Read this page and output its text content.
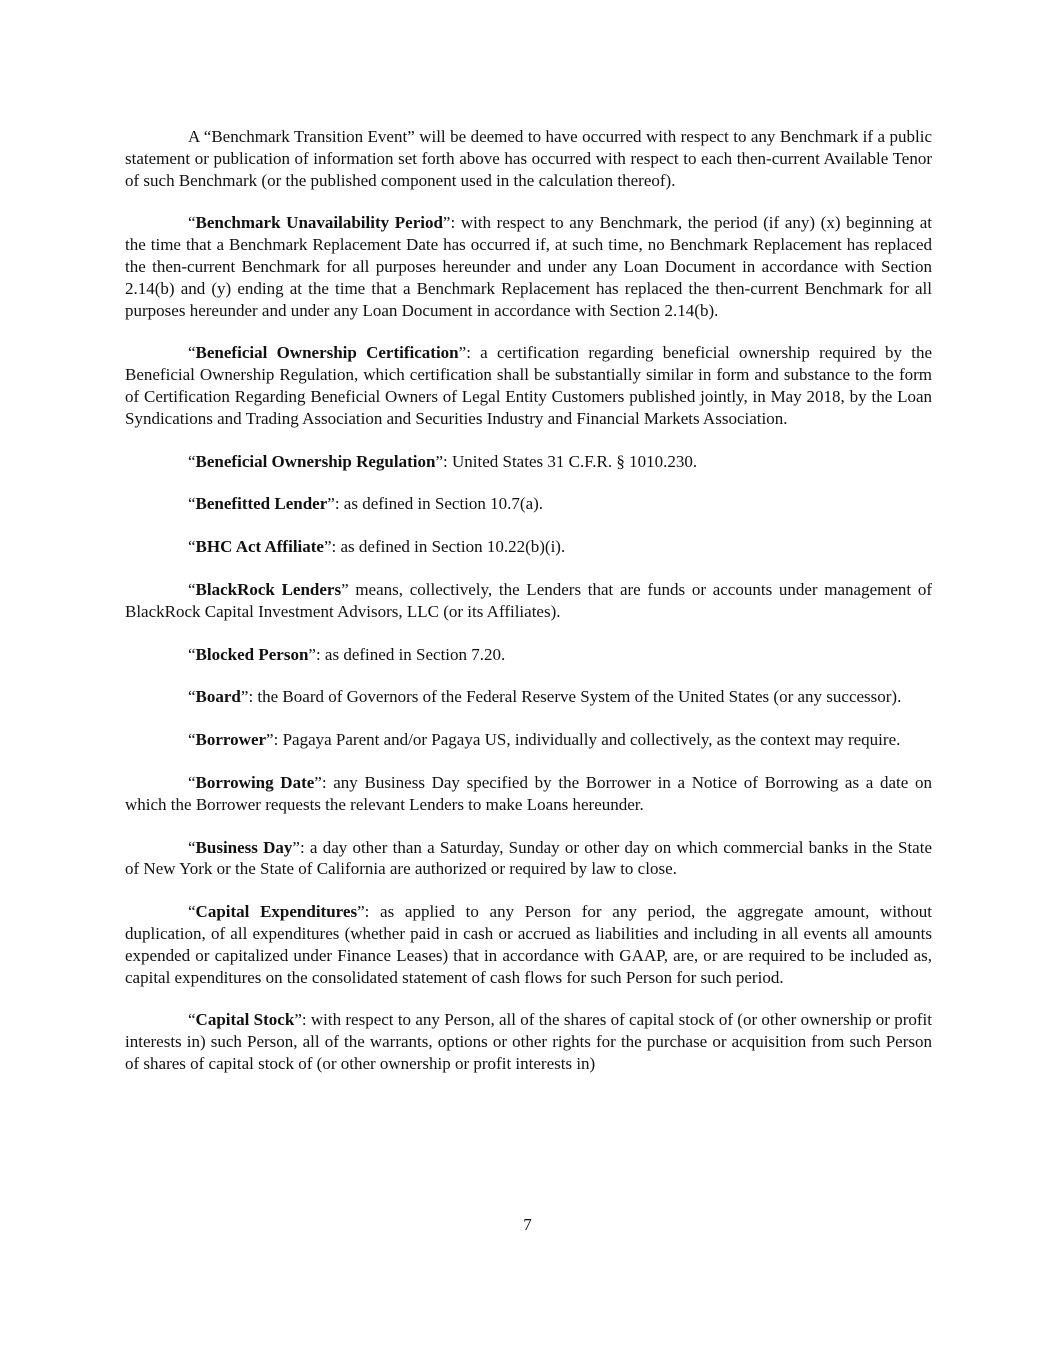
A “Benchmark Transition Event” will be deemed to have occurred with respect to any Benchmark if a public statement or publication of information set forth above has occurred with respect to each then-current Available Tenor of such Benchmark (or the published component used in the calculation thereof).

“Benchmark Unavailability Period”: with respect to any Benchmark, the period (if any) (x) beginning at the time that a Benchmark Replacement Date has occurred if, at such time, no Benchmark Replacement has replaced the then-current Benchmark for all purposes hereunder and under any Loan Document in accordance with Section 2.14(b) and (y) ending at the time that a Benchmark Replacement has replaced the then-current Benchmark for all purposes hereunder and under any Loan Document in accordance with Section 2.14(b).

“Beneficial Ownership Certification”: a certification regarding beneficial ownership required by the Beneficial Ownership Regulation, which certification shall be substantially similar in form and substance to the form of Certification Regarding Beneficial Owners of Legal Entity Customers published jointly, in May 2018, by the Loan Syndications and Trading Association and Securities Industry and Financial Markets Association.

“Beneficial Ownership Regulation”: United States 31 C.F.R. § 1010.230.

“Benefitted Lender”: as defined in Section 10.7(a).

“BHC Act Affiliate”: as defined in Section 10.22(b)(i).

“BlackRock Lenders” means, collectively, the Lenders that are funds or accounts under management of BlackRock Capital Investment Advisors, LLC (or its Affiliates).

“Blocked Person”: as defined in Section 7.20.

“Board”: the Board of Governors of the Federal Reserve System of the United States (or any successor).

“Borrower”: Pagaya Parent and/or Pagaya US, individually and collectively, as the context may require.

“Borrowing Date”: any Business Day specified by the Borrower in a Notice of Borrowing as a date on which the Borrower requests the relevant Lenders to make Loans hereunder.

“Business Day”: a day other than a Saturday, Sunday or other day on which commercial banks in the State of New York or the State of California are authorized or required by law to close.

“Capital Expenditures”: as applied to any Person for any period, the aggregate amount, without duplication, of all expenditures (whether paid in cash or accrued as liabilities and including in all events all amounts expended or capitalized under Finance Leases) that in accordance with GAAP, are, or are required to be included as, capital expenditures on the consolidated statement of cash flows for such Person for such period.

“Capital Stock”: with respect to any Person, all of the shares of capital stock of (or other ownership or profit interests in) such Person, all of the warrants, options or other rights for the purchase or acquisition from such Person of shares of capital stock of (or other ownership or profit interests in)

7
